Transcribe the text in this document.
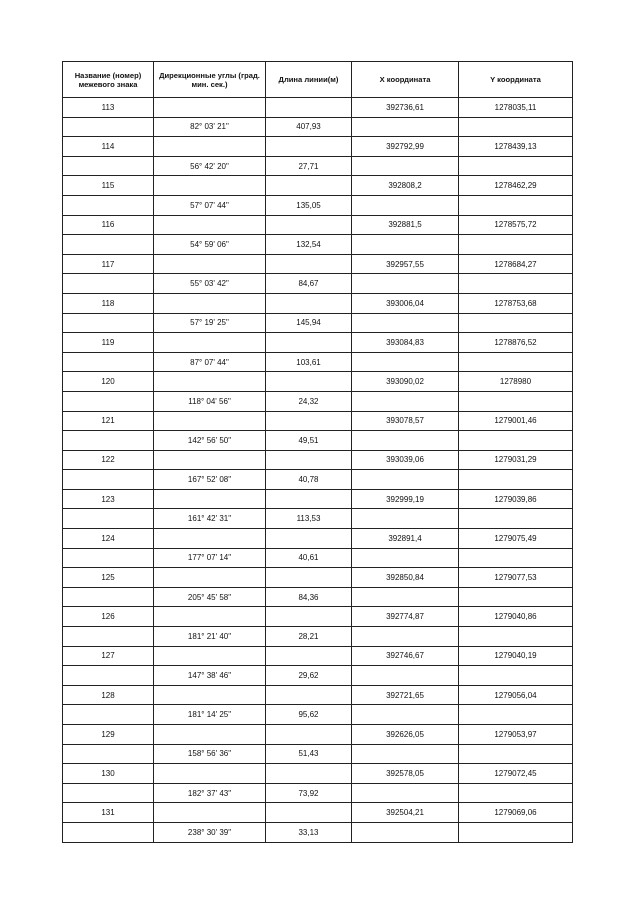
Название (номер) межевого знака	Дирекционные углы (град. мин. сек.)	Длина линии(м)	X координата	Y координата
113			392736,61	1278035,11
	82° 03' 21"	407,93		
114			392792,99	1278439,13
	56° 42' 20"	27,71		
115			392808,2	1278462,29
	57° 07' 44"	135,05		
116			392881,5	1278575,72
	54° 59' 06"	132,54		
117			392957,55	1278684,27
	55° 03' 42"	84,67		
118			393006,04	1278753,68
	57° 19' 25"	145,94		
119			393084,83	1278876,52
	87° 07' 44"	103,61		
120			393090,02	1278980
	118° 04' 56"	24,32		
121			393078,57	1279001,46
	142° 56' 50"	49,51		
122			393039,06	1279031,29
	167° 52' 08"	40,78		
123			392999,19	1279039,86
	161° 42' 31"	113,53		
124			392891,4	1279075,49
	177° 07' 14"	40,61		
125			392850,84	1279077,53
	205° 45' 58"	84,36		
126			392774,87	1279040,86
	181° 21' 40"	28,21		
127			392746,67	1279040,19
	147° 38' 46"	29,62		
128			392721,65	1279056,04
	181° 14' 25"	95,62		
129			392626,05	1279053,97
	158° 56' 36"	51,43		
130			392578,05	1279072,45
	182° 37' 43"	73,92		
131			392504,21	1279069,06
	238° 30' 39"	33,13		
